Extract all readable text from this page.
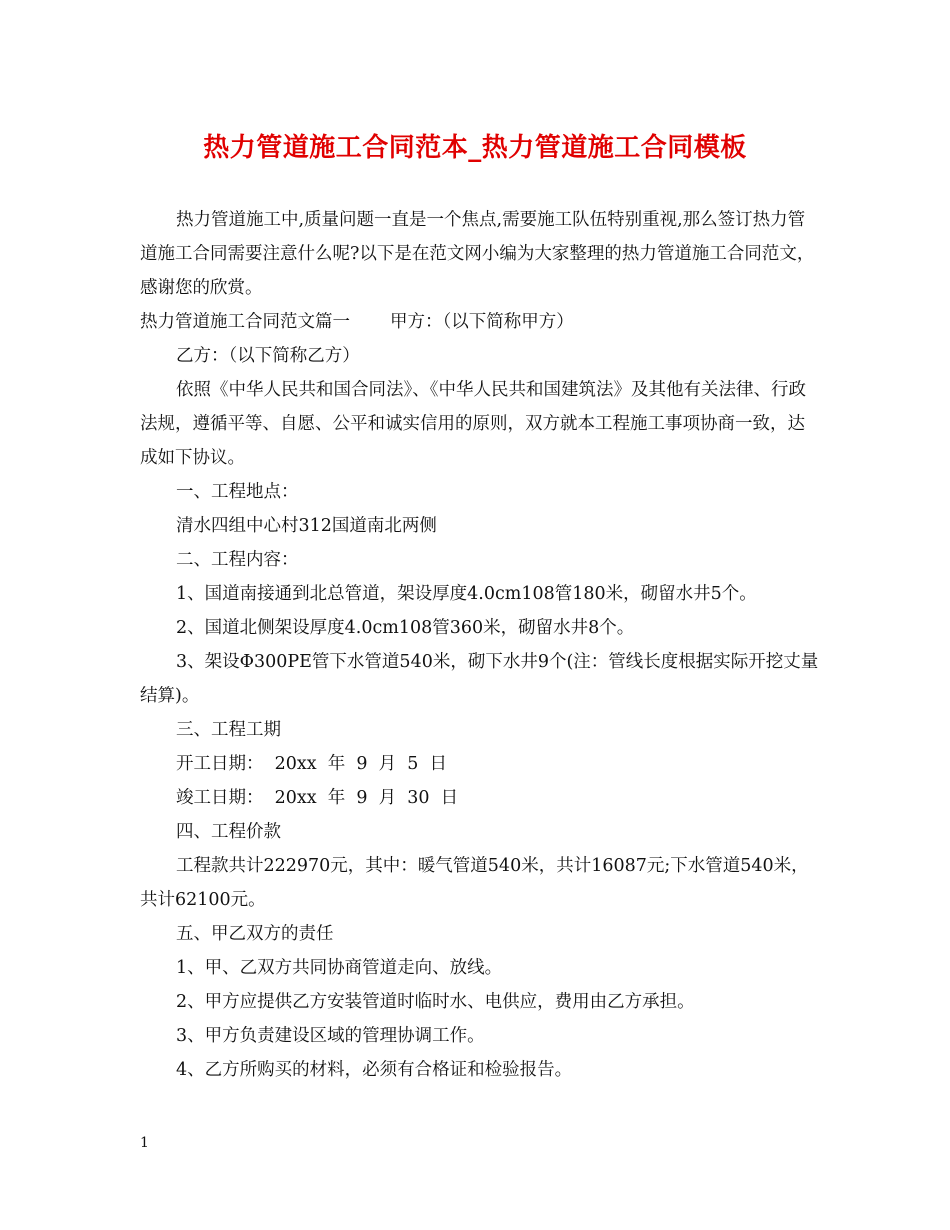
热力管道施工合同范本_热力管道施工合同模板

热力管道施工中,质量问题一直是一个焦点,需要施工队伍特别重视,那么签订热力管道施工合同需要注意什么呢?以下是在范文网小编为大家整理的热力管道施工合同范文，感谢您的欣赏。

热力管道施工合同范文篇一 甲方：（以下简称甲方）

乙方：（以下简称乙方）

依照《中华人民共和国合同法》、《中华人民共和国建筑法》及其他有关法律、行政法规，遵循平等、自愿、公平和诚实信用的原则，双方就本工程施工事项协商一致，达成如下协议。

一、工程地点：

清水四组中心村312国道南北两侧

二、工程内容：

1、国道南接通到北总管道，架设厚度4.0cm108管180米，砌留水井5个。

2、国道北侧架设厚度4.0cm108管360米，砌留水井8个。

3、架设Φ300PE管下水管道540米，砌下水井9个(注：管线长度根据实际开挖丈量结算)。

三、工程工期

开工日期：  20xx  年  9  月  5  日

竣工日期：  20xx  年  9  月  30  日

四、工程价款

工程款共计222970元，其中：暖气管道540米，共计16087元;下水管道540米，共计62100元。

五、甲乙双方的责任

1、甲、乙双方共同协商管道走向、放线。

2、甲方应提供乙方安装管道时临时水、电供应，费用由乙方承担。

3、甲方负责建设区域的管理协调工作。

4、乙方所购买的材料，必须有合格证和检验报告。

1
